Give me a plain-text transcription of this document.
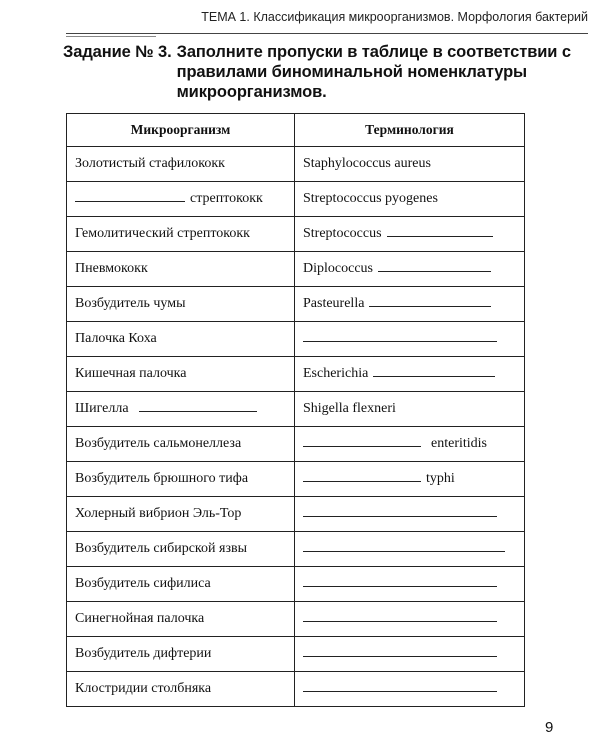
ТЕМА 1. Классификация микроорганизмов. Морфология бактерий
Задание № 3. Заполните пропуски в таблице в соответствии с правилами биноминальной номенклатуры микроорганизмов.
Микроорганизм	Терминология
Золотистый стафилококк	Staphylococcus aureus
стрептококк	Streptococcus pyogenes
Гемолитический стрептококк	Streptococcus
Пневмококк	Diplococcus
Возбудитель чумы	Pasteurella
Палочка Коха	
Кишечная палочка	Escherichia
Шигелла	Shigella flexneri
Возбудитель сальмонеллеза	enteritidis
Возбудитель брюшного тифа	typhi
Холерный вибрион Эль-Тор	
Возбудитель сибирской язвы	
Возбудитель сифилиса	
Синегнойная палочка	
Возбудитель дифтерии	
Клостридии столбняка	
9
